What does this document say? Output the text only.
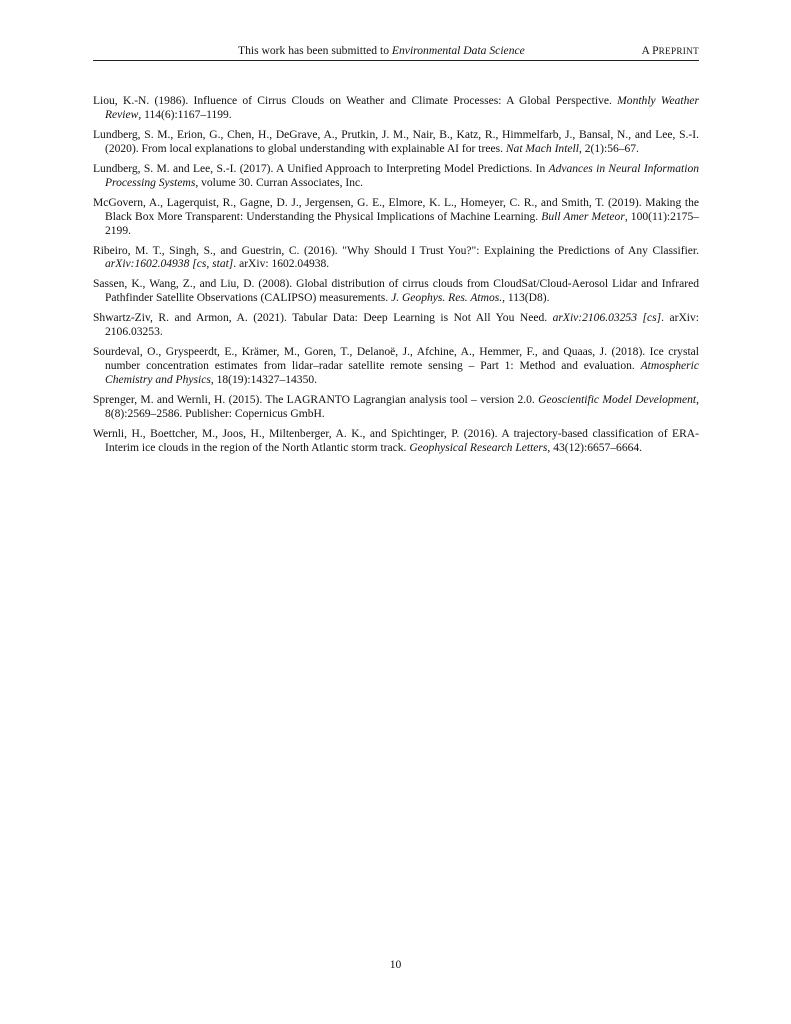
This work has been submitted to Environmental Data Science	A PREPRINT

Liou, K.-N. (1986). Influence of Cirrus Clouds on Weather and Climate Processes: A Global Perspective. Monthly Weather Review, 114(6):1167–1199.

Lundberg, S. M., Erion, G., Chen, H., DeGrave, A., Prutkin, J. M., Nair, B., Katz, R., Himmelfarb, J., Bansal, N., and Lee, S.-I. (2020). From local explanations to global understanding with explainable AI for trees. Nat Mach Intell, 2(1):56–67.

Lundberg, S. M. and Lee, S.-I. (2017). A Unified Approach to Interpreting Model Predictions. In Advances in Neural Information Processing Systems, volume 30. Curran Associates, Inc.

McGovern, A., Lagerquist, R., Gagne, D. J., Jergensen, G. E., Elmore, K. L., Homeyer, C. R., and Smith, T. (2019). Making the Black Box More Transparent: Understanding the Physical Implications of Machine Learning. Bull Amer Meteor, 100(11):2175–2199.

Ribeiro, M. T., Singh, S., and Guestrin, C. (2016). "Why Should I Trust You?": Explaining the Predictions of Any Classifier. arXiv:1602.04938 [cs, stat]. arXiv: 1602.04938.

Sassen, K., Wang, Z., and Liu, D. (2008). Global distribution of cirrus clouds from CloudSat/Cloud-Aerosol Lidar and Infrared Pathfinder Satellite Observations (CALIPSO) measurements. J. Geophys. Res. Atmos., 113(D8).

Shwartz-Ziv, R. and Armon, A. (2021). Tabular Data: Deep Learning is Not All You Need. arXiv:2106.03253 [cs]. arXiv: 2106.03253.

Sourdeval, O., Gryspeerdt, E., Krämer, M., Goren, T., Delanoë, J., Afchine, A., Hemmer, F., and Quaas, J. (2018). Ice crystal number concentration estimates from lidar–radar satellite remote sensing – Part 1: Method and evaluation. Atmospheric Chemistry and Physics, 18(19):14327–14350.

Sprenger, M. and Wernli, H. (2015). The LAGRANTO Lagrangian analysis tool – version 2.0. Geoscientific Model Development, 8(8):2569–2586. Publisher: Copernicus GmbH.

Wernli, H., Boettcher, M., Joos, H., Miltenberger, A. K., and Spichtinger, P. (2016). A trajectory-based classification of ERA-Interim ice clouds in the region of the North Atlantic storm track. Geophysical Research Letters, 43(12):6657–6664.

10
